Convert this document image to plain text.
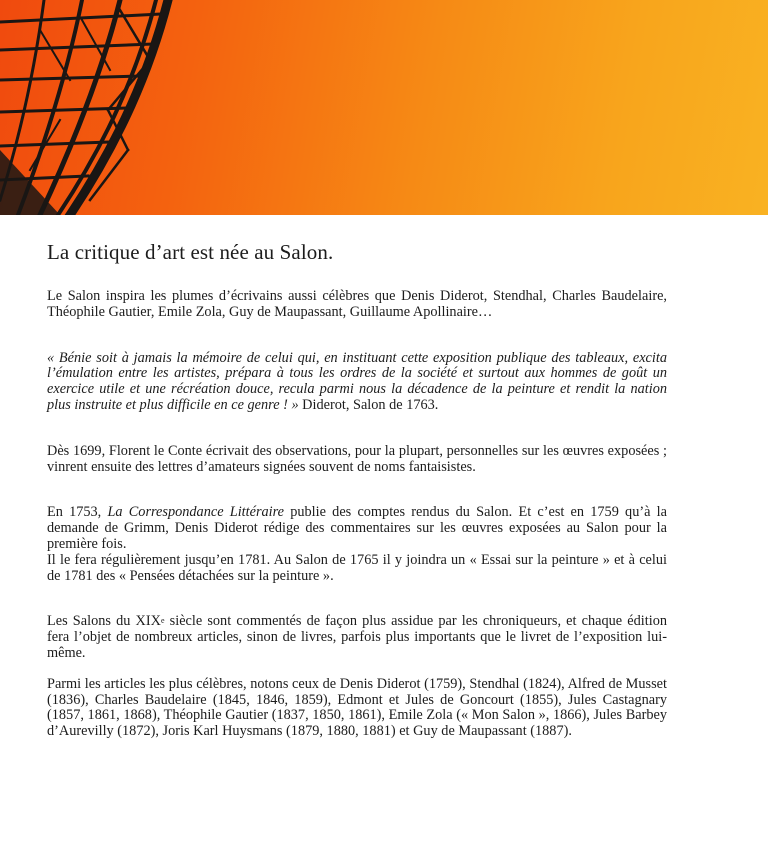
La critique d’art est née au Salon.

Le Salon inspira les plumes d’écrivains aussi célèbres que Denis Diderot, Stendhal, Charles Baudelaire, Théophile Gautier, Emile Zola, Guy de Maupassant, Guillaume Apollinaire…

« Bénie soit à jamais la mémoire de celui qui, en instituant cette exposition publique des tableaux, excita l’émulation entre les artistes, prépara à tous les ordres de la société et surtout aux hommes de goût un exercice utile et une récréation douce, recula parmi nous la décadence de la peinture et rendit la nation plus instruite et plus difficile en ce genre ! » Diderot, Salon de 1763.

Dès 1699, Florent le Conte écrivait des observations, pour la plupart, personnelles sur les œuvres exposées ; vinrent ensuite des lettres d’amateurs signées souvent de noms fantaisistes.

En 1753, La Correspondance Littéraire publie des comptes rendus du Salon. Et c’est en 1759 qu’à la demande de Grimm, Denis Diderot rédige des commentaires sur les œuvres exposées au Salon pour la première fois.

Il le fera régulièrement jusqu’en 1781. Au Salon de 1765 il y joindra un « Essai sur la peinture » et à celui de 1781 des « Pensées détachées sur la peinture ».

Les Salons du XIXe siècle sont commentés de façon plus assidue par les chroniqueurs, et chaque édition fera l’objet de nombreux articles, sinon de livres, parfois plus importants que le livret de l’exposition lui-même.

Parmi les articles les plus célèbres, notons ceux de Denis Diderot (1759), Stendhal (1824), Alfred de Musset (1836), Charles Baudelaire (1845, 1846, 1859), Edmont et Jules de Goncourt (1855), Jules Castagnary (1857, 1861, 1868), Théophile Gautier (1837, 1850, 1861), Emile Zola (« Mon Salon », 1866), Jules Barbey d’Aurevilly (1872), Joris Karl Huysmans (1879, 1880, 1881) et Guy de Maupassant (1887).
